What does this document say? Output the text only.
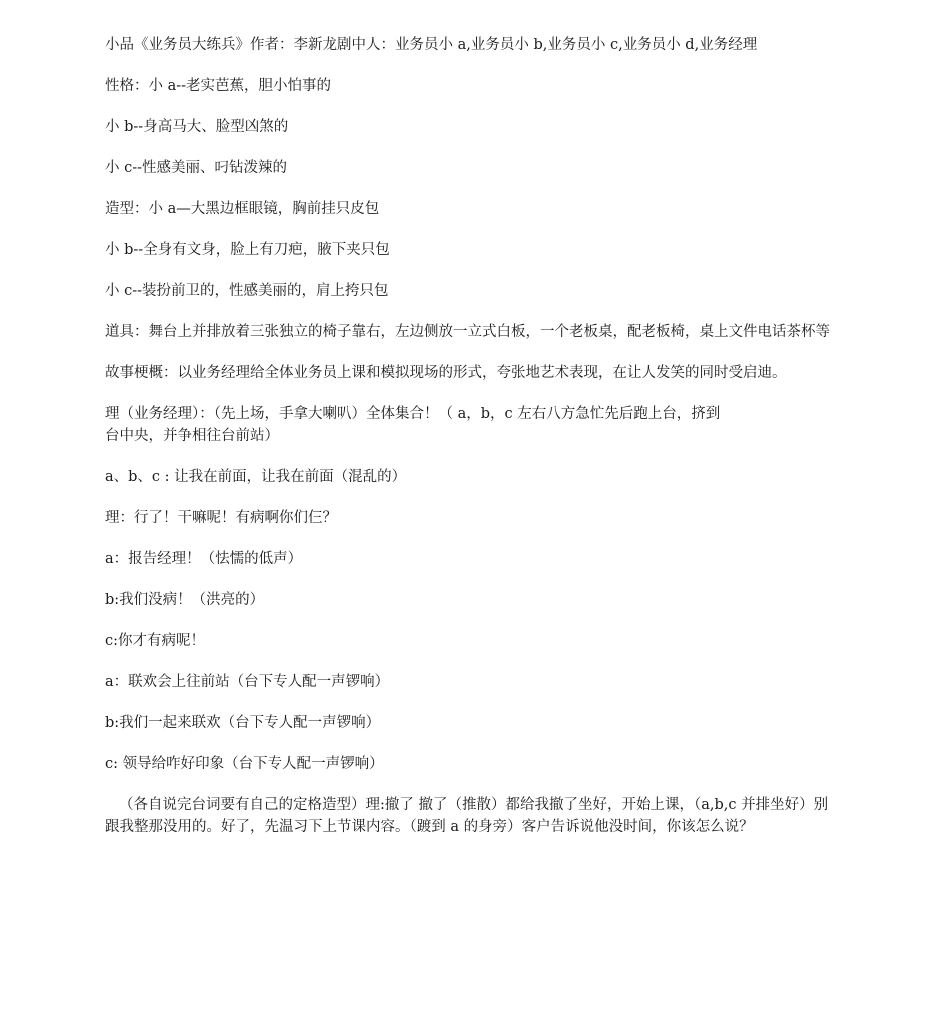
小品《业务员大练兵》作者：李新龙剧中人：业务员小 a,业务员小 b,业务员小 c,业务员小 d,业务经理

性格：小 a--老实芭蕉，胆小怕事的

小 b--身高马大、脸型凶煞的

小 c--性感美丽、叼钻泼辣的

造型：小 a—大黑边框眼镜，胸前挂只皮包

小 b--全身有文身，脸上有刀疤，腋下夹只包

小 c--装扮前卫的，性感美丽的，肩上挎只包

道具：舞台上并排放着三张独立的椅子靠右，左边侧放一立式白板，一个老板桌，配老板椅，桌上文件电话茶杯等

故事梗概：以业务经理给全体业务员上课和模拟现场的形式，夸张地艺术表现，在让人发笑的同时受启迪。

理（业务经理）：（先上场，手拿大喇叭）全体集合！（ a，b，c 左右八方急忙先后跑上台，挤到
台中央，并争相往台前站）

a、b、c : 让我在前面，让我在前面（混乱的）

理：行了！干嘛呢！有病啊你们仨？

a：报告经理！（怯懦的低声）

b:我们没病！（洪亮的）

c:你才有病呢！

a：联欢会上往前站（台下专人配一声锣响）

b:我们一起来联欢（台下专人配一声锣响）

c: 领导给咋好印象（台下专人配一声锣响）

（各自说完台词要有自己的定格造型）理:撤了 撤了（推散）都给我撤了坐好，开始上课，（a,b,c 并排坐好）别跟我整那没用的。好了，先温习下上节课内容。（踱到 a 的身旁）客户告诉说他没时间，你该怎么说？
